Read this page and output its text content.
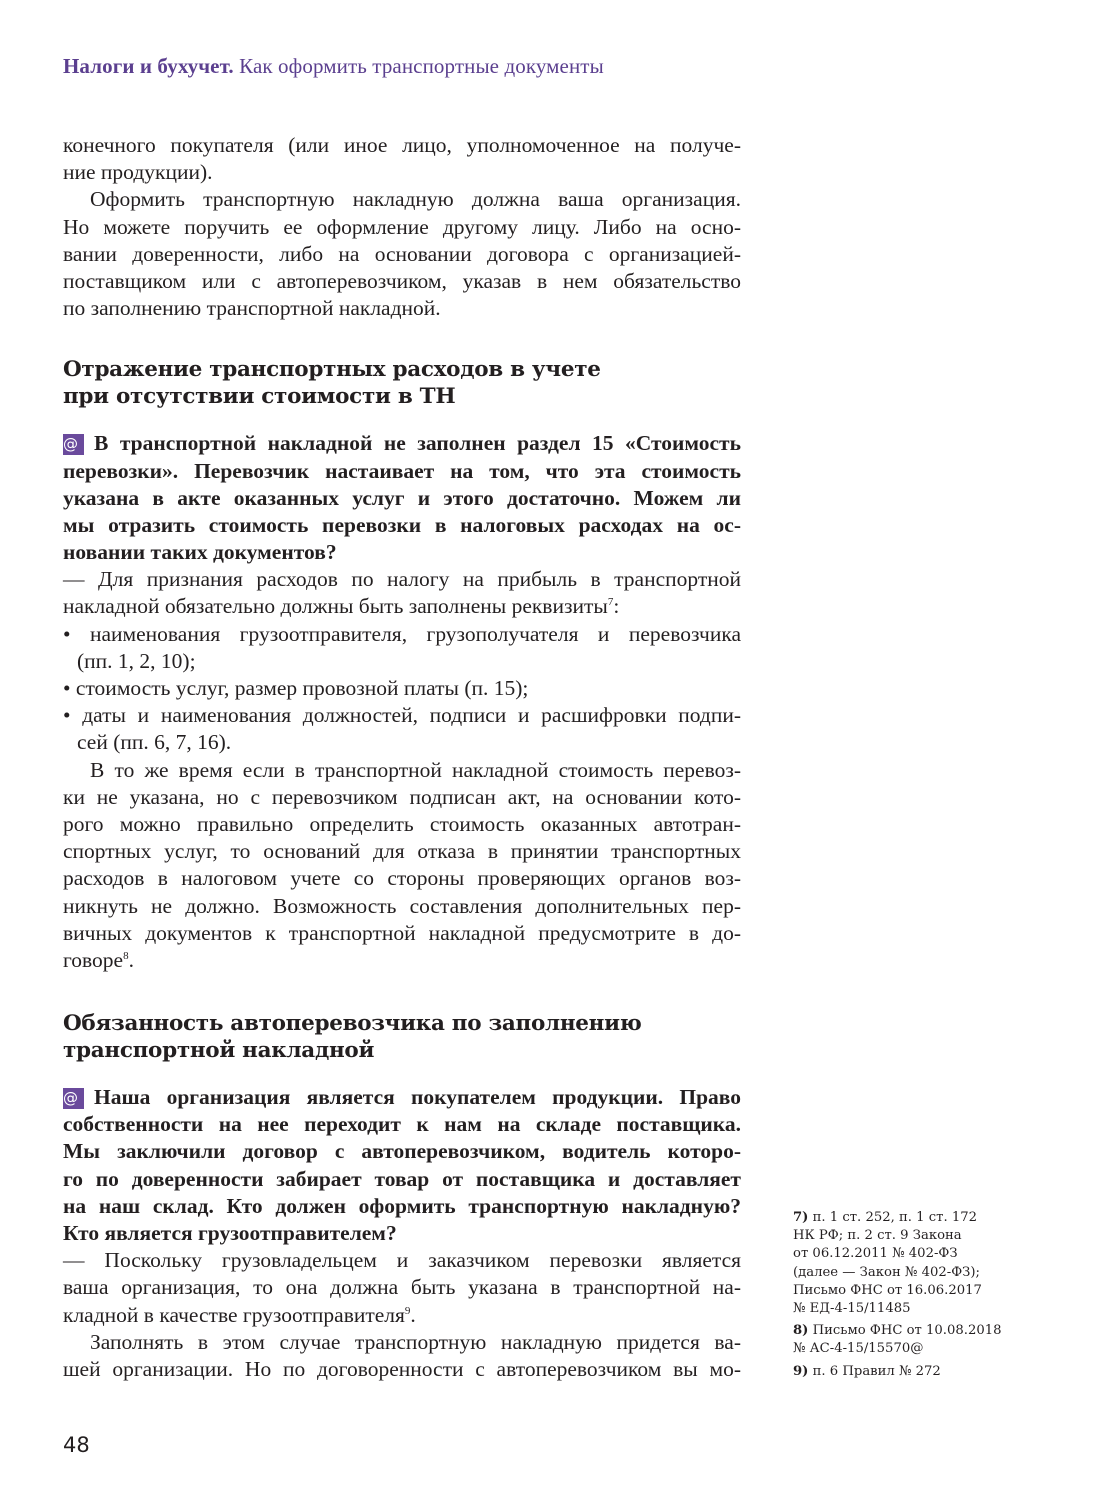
Налоги и бухучет. Как оформить транспортные документы
конечного покупателя (или иное лицо, уполномоченное на получе-
ние продукции).
Оформить транспортную накладную должна ваша организация.
Но можете поручить ее оформление другому лицу. Либо на осно-
вании доверенности, либо на основании договора с организацией-
поставщиком или с автоперевозчиком, указав в нем обязательство
по заполнению транспортной накладной.
Отражение транспортных расходов в учете
при отсутствии стоимости в ТН
@ В транспортной накладной не заполнен раздел 15 «Стоимость
перевозки». Перевозчик настаивает на том, что эта стоимость
указана в акте оказанных услуг и этого достаточно. Можем ли
мы отразить стоимость перевозки в налоговых расходах на ос-
новании таких документов?
— Для признания расходов по налогу на прибыль в транспортной
накладной обязательно должны быть заполнены реквизиты$^7$:
• наименования грузоотправителя, грузополучателя и перевозчика
(пп. 1, 2, 10);
• стоимость услуг, размер провозной платы (п. 15);
• даты и наименования должностей, подписи и расшифровки подпи-
сей (пп. 6, 7, 16).
В то же время если в транспортной накладной стоимость перевоз-
ки не указана, но с перевозчиком подписан акт, на основании кото-
рого можно правильно определить стоимость оказанных автотран-
спортных услуг, то оснований для отказа в принятии транспортных
расходов в налоговом учете со стороны проверяющих органов воз-
никнуть не должно. Возможность составления дополнительных пер-
вичных документов к транспортной накладной предусмотрите в до-
говоре$^8$.
Обязанность автоперевозчика по заполнению
транспортной накладной
@ Наша организация является покупателем продукции. Право
собственности на нее переходит к нам на складе поставщика.
Мы заключили договор с автоперевозчиком, водитель которо-
го по доверенности забирает товар от поставщика и доставляет
на наш склад. Кто должен оформить транспортную накладную?
Кто является грузоотправителем?
— Поскольку грузовладельцем и заказчиком перевозки является
ваша организация, то она должна быть указана в транспортной на-
кладной в качестве грузоотправителя$^9$.
Заполнять в этом случае транспортную накладную придется ва-
шей организации. Но по договоренности с автоперевозчиком вы мо-
7) п. 1 ст. 252, п. 1 ст. 172
НК РФ; п. 2 ст. 9 Закона
от 06.12.2011 № 402-ФЗ
(далее — Закон № 402-ФЗ);
Письмо ФНС от 16.06.2017
№ ЕД-4-15/11485
8) Письмо ФНС от 10.08.2018
№ АС-4-15/15570@
9) п. 6 Правил № 272
48
